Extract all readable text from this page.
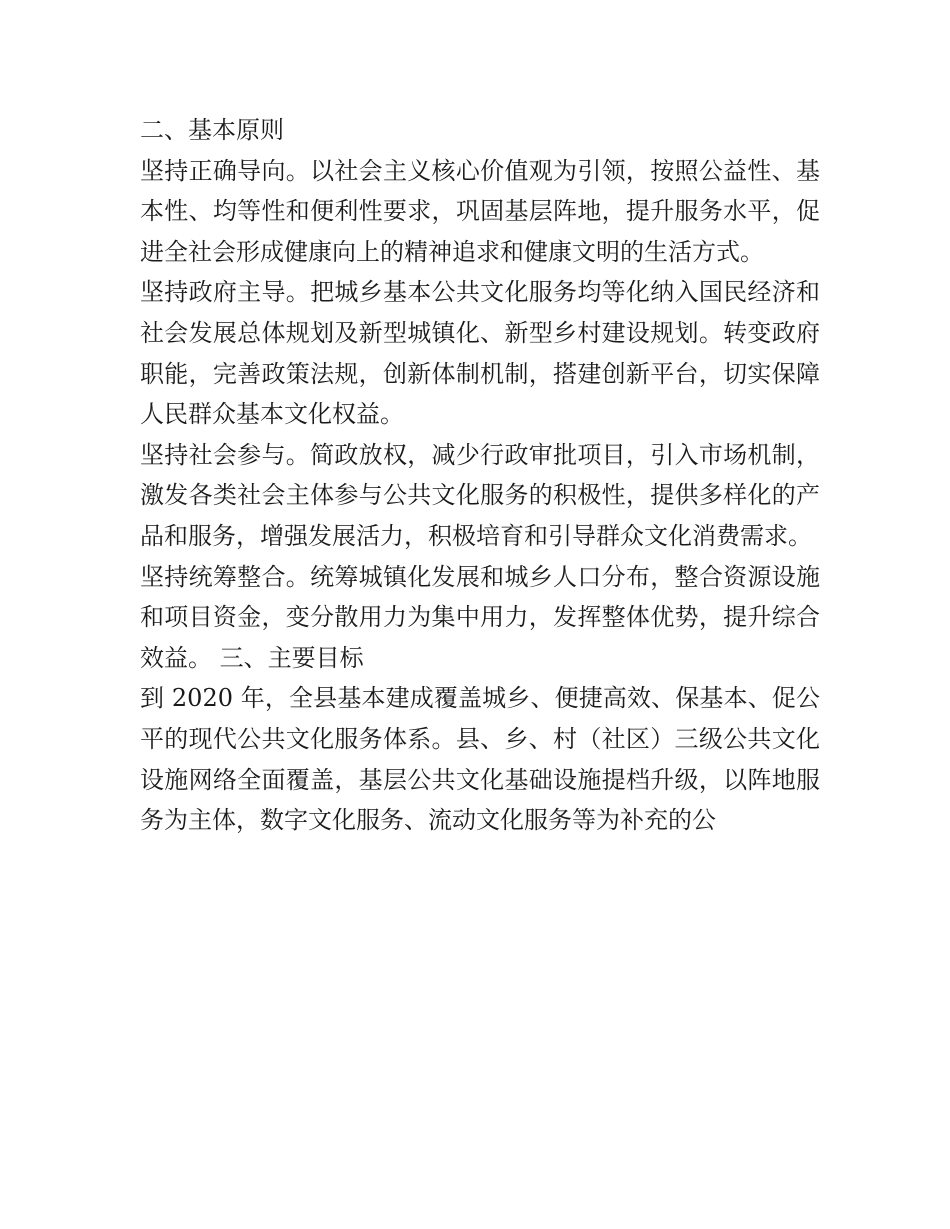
二、基本原则

坚持正确导向。以社会主义核心价值观为引领，按照公益性、基本性、均等性和便利性要求，巩固基层阵地，提升服务水平，促进全社会形成健康向上的精神追求和健康文明的生活方式。

坚持政府主导。把城乡基本公共文化服务均等化纳入国民经济和社会发展总体规划及新型城镇化、新型乡村建设规划。转变政府职能，完善政策法规，创新体制机制，搭建创新平台，切实保障人民群众基本文化权益。

坚持社会参与。简政放权，减少行政审批项目，引入市场机制，激发各类社会主体参与公共文化服务的积极性，提供多样化的产品和服务，增强发展活力，积极培育和引导群众文化消费需求。

坚持统筹整合。统筹城镇化发展和城乡人口分布，整合资源设施和项目资金，变分散用力为集中用力，发挥整体优势，提升综合效益。 三、主要目标

到 2020 年，全县基本建成覆盖城乡、便捷高效、保基本、促公平的现代公共文化服务体系。县、乡、村（社区）三级公共文化设施网络全面覆盖，基层公共文化基础设施提档升级，以阵地服务为主体，数字文化服务、流动文化服务等为补充的公
